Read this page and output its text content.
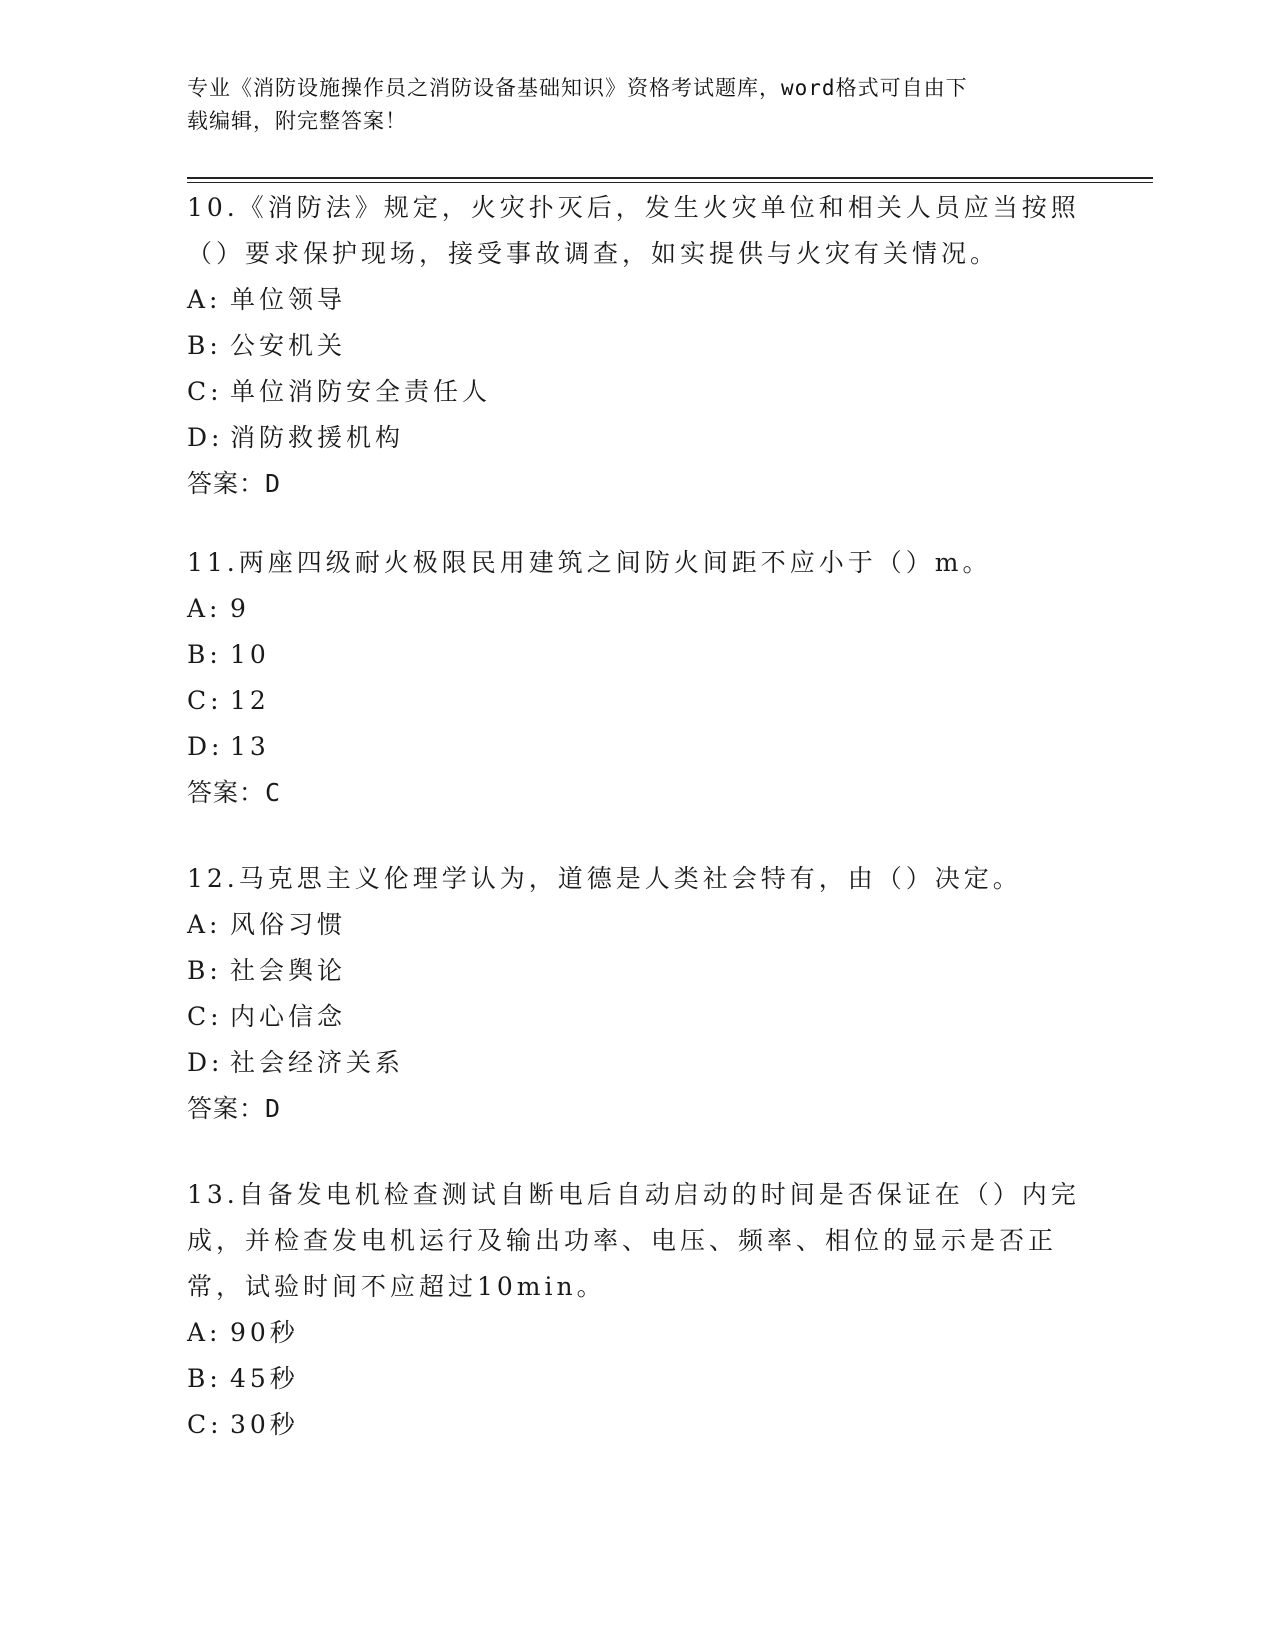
专业《消防设施操作员之消防设备基础知识》资格考试题库，word格式可自由下
载编辑，附完整答案！

10.《消防法》规定，火灾扑灭后，发生火灾单位和相关人员应当按照

（）要求保护现场，接受事故调查，如实提供与火灾有关情况。

A: 单位领导

B: 公安机关

C: 单位消防安全责任人

D: 消防救援机构

答案：D

11.两座四级耐火极限民用建筑之间防火间距不应小于（）m。

A: 9

B: 10

C: 12

D: 13

答案：C

12.马克思主义伦理学认为，道德是人类社会特有，由（）决定。

A: 风俗习惯

B: 社会舆论

C: 内心信念

D: 社会经济关系

答案：D

13.自备发电机检查测试自断电后自动启动的时间是否保证在（）内完

成，并检查发电机运行及输出功率、电压、频率、相位的显示是否正

常，试验时间不应超过10min。

A: 90秒

B: 45秒

C: 30秒
